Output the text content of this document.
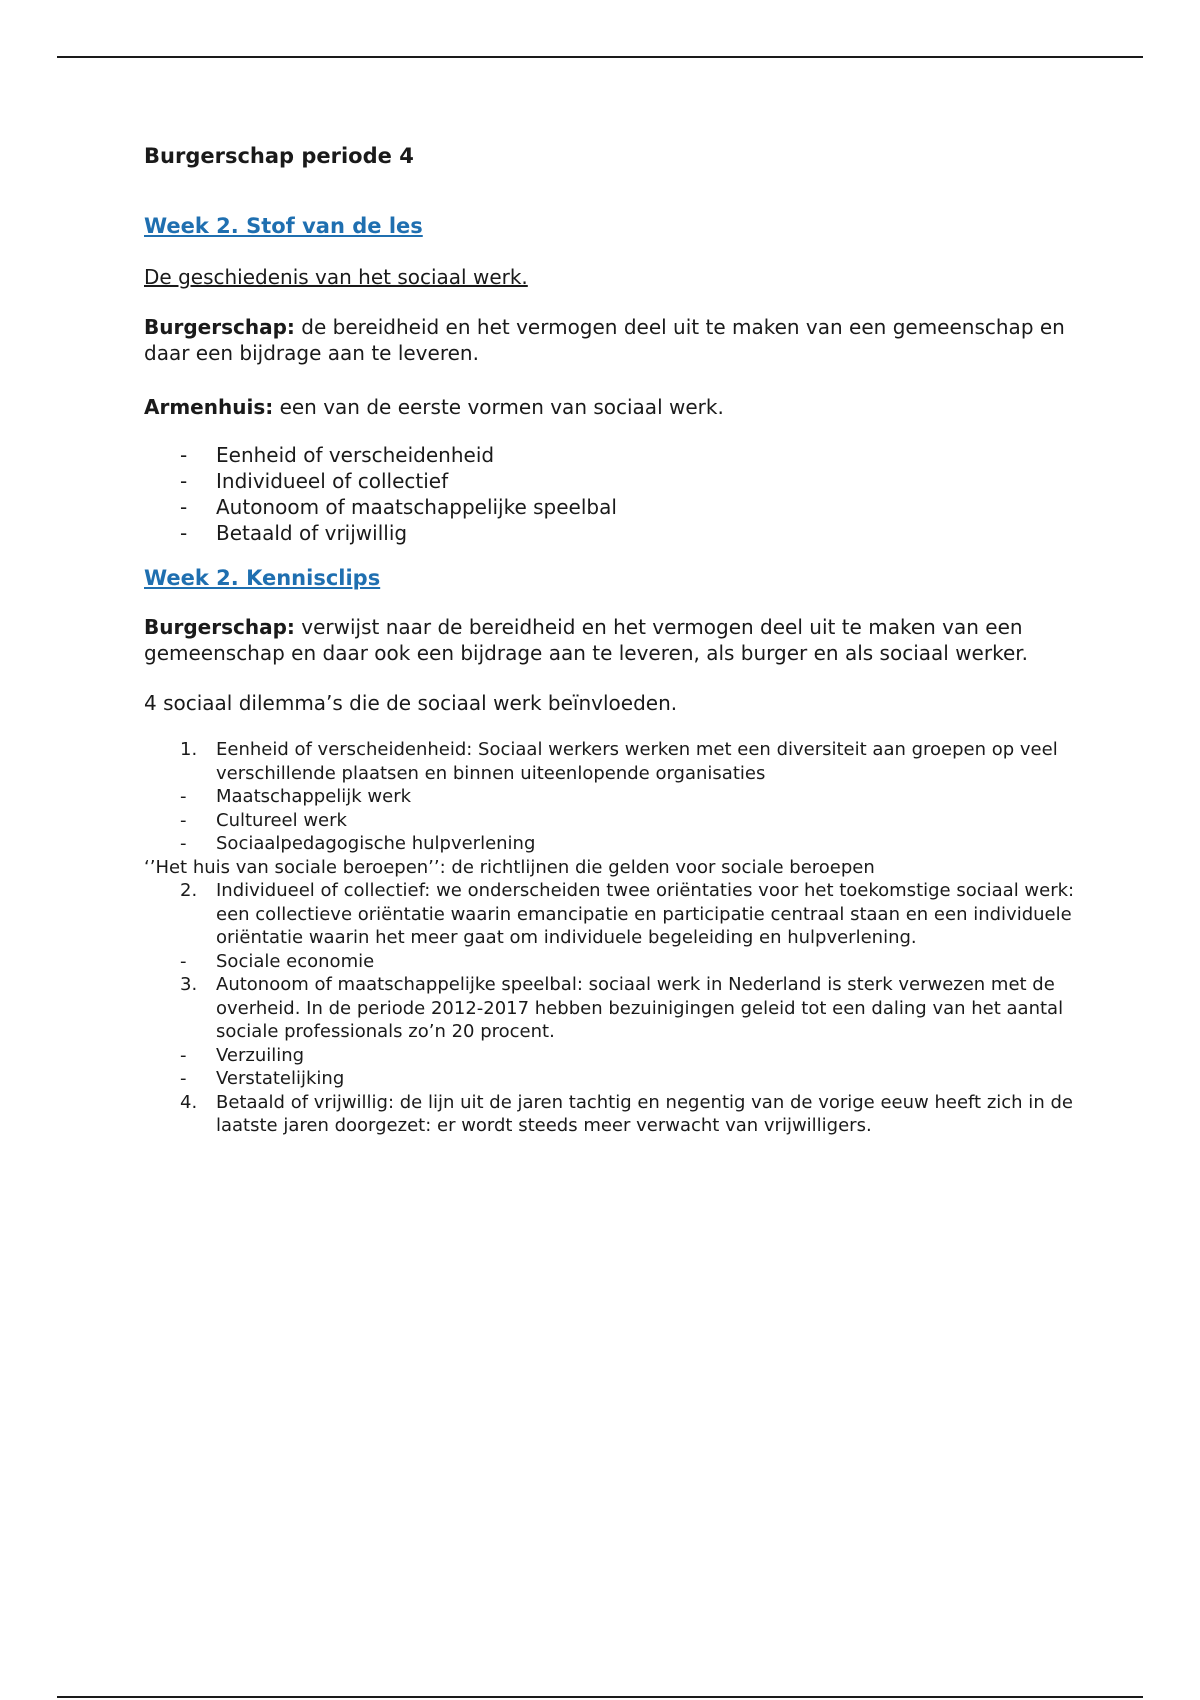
Burgerschap periode 4
Week 2. Stof van de les

De geschiedenis van het sociaal werk.

Burgerschap: de bereidheid en het vermogen deel uit te maken van een gemeenschap en daar een bijdrage aan te leveren.

Armenhuis: een van de eerste vormen van sociaal werk.

- Eenheid of verscheidenheid
- Individueel of collectief
- Autonoom of maatschappelijke speelbal
- Betaald of vrijwillig
Week 2. Kennisclips

Burgerschap: verwijst naar de bereidheid en het vermogen deel uit te maken van een gemeenschap en daar ook een bijdrage aan te leveren, als burger en als sociaal werker.

4 sociaal dilemma’s die de sociaal werk beïnvloeden.

1. Eenheid of verscheidenheid: Sociaal werkers werken met een diversiteit aan groepen op veel verschillende plaatsen en binnen uiteenlopende organisaties
- Maatschappelijk werk
- Cultureel werk
- Sociaalpedagogische hulpverlening
‘’Het huis van sociale beroepen’’: de richtlijnen die gelden voor sociale beroepen
2. Individueel of collectief: we onderscheiden twee oriëntaties voor het toekomstige sociaal werk: een collectieve oriëntatie waarin emancipatie en participatie centraal staan en een individuele oriëntatie waarin het meer gaat om individuele begeleiding en hulpverlening.
- Sociale economie
3. Autonoom of maatschappelijke speelbal: sociaal werk in Nederland is sterk verwezen met de overheid. In de periode 2012-2017 hebben bezuinigingen geleid tot een daling van het aantal sociale professionals zo’n 20 procent.
- Verzuiling
- Verstatelijking
4. Betaald of vrijwillig: de lijn uit de jaren tachtig en negentig van de vorige eeuw heeft zich in de laatste jaren doorgezet: er wordt steeds meer verwacht van vrijwilligers.
